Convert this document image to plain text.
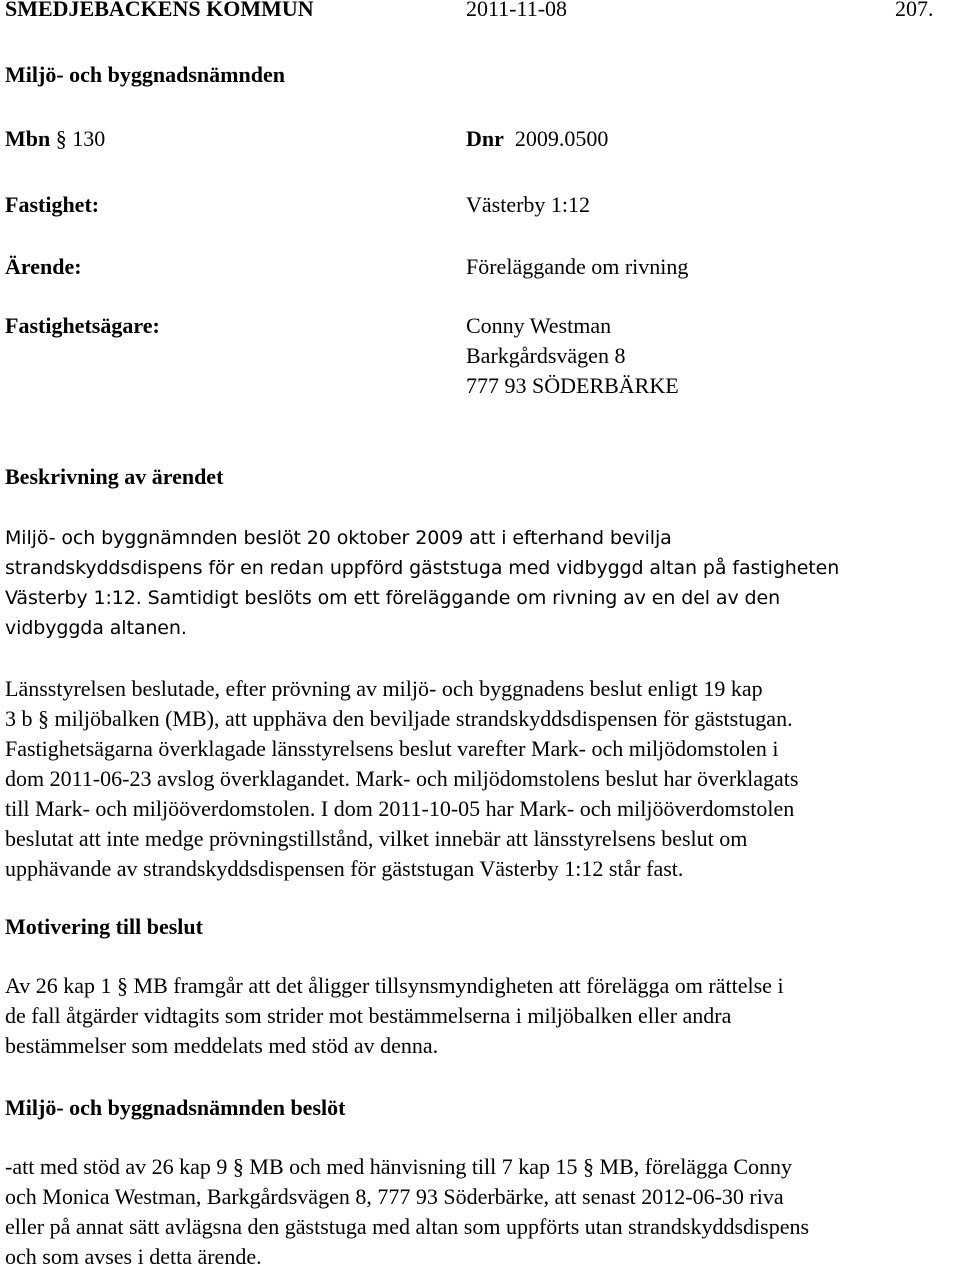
SMEDJEBACKENS KOMMUN	2011-11-08	207.
Miljö- och byggnadsnämnden
Mbn § 130	Dnr 2009.0500
Fastighet:	Västerby 1:12
Ärende:	Föreläggande om rivning
Fastighetsägare:	Conny Westman
Barkgårdsvägen 8
777 93 SÖDERBÄRKE
Beskrivning av ärendet

Miljö- och byggnämnden beslöt 20 oktober 2009 att i efterhand bevilja

strandskyddsdispens för en redan uppförd gäststuga med vidbyggd altan på fastigheten

Västerby 1:12. Samtidigt beslöts om ett föreläggande om rivning av en del av den

vidbyggda altanen.

Länsstyrelsen beslutade, efter prövning av miljö- och byggnadens beslut enligt 19 kap

3 b § miljöbalken (MB), att upphäva den beviljade strandskyddsdispensen för gäststugan.

Fastighetsägarna överklagade länsstyrelsens beslut varefter Mark- och miljödomstolen i

dom 2011-06-23 avslog överklagandet. Mark- och miljödomstolens beslut har överklagats

till Mark- och miljööverdomstolen. I dom 2011-10-05 har Mark- och miljööverdomstolen

beslutat att inte medge prövningstillstånd, vilket innebär att länsstyrelsens beslut om

upphävande av strandskyddsdispensen för gäststugan Västerby 1:12 står fast.

Motivering till beslut

Av 26 kap 1 § MB framgår att det åligger tillsynsmyndigheten att förelägga om rättelse i

de fall åtgärder vidtagits som strider mot bestämmelserna i miljöbalken eller andra

bestämmelser som meddelats med stöd av denna.

Miljö- och byggnadsnämnden beslöt

-att med stöd av 26 kap 9 § MB och med hänvisning till 7 kap 15 § MB, förelägga Conny

och Monica Westman, Barkgårdsvägen 8, 777 93 Söderbärke, att senast 2012-06-30 riva

eller på annat sätt avlägsna den gäststuga med altan som uppförts utan strandskyddsdispens

och som avses i detta ärende.
